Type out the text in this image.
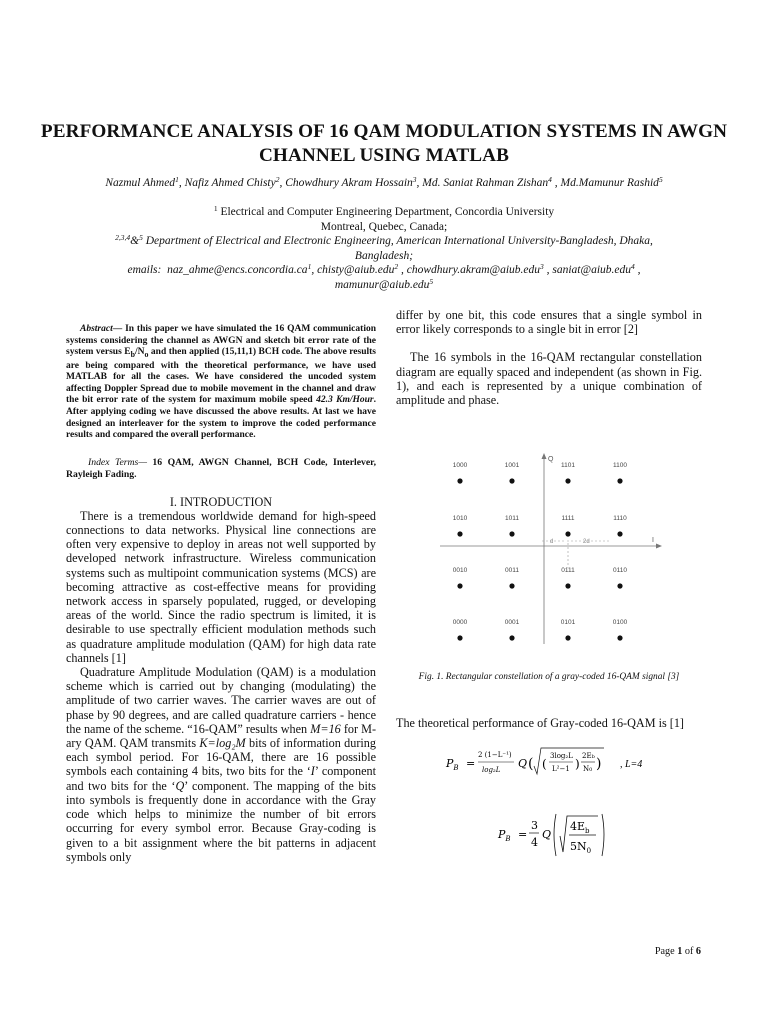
PERFORMANCE ANALYSIS OF 16 QAM MODULATION SYSTEMS IN AWGN
CHANNEL USING MATLAB
Nazmul Ahmed$^1$, Nafiz Ahmed Chisty$^2$, Chowdhury Akram Hossain$^3$, Md. Saniat Rahman Zishan$^4$ , Md.Mamunur Rashid$^5$
$^1$ Electrical and Computer Engineering Department, Concordia University
Montreal, Quebec, Canada;
$^{2,3,4}$&$^5$ Department of Electrical and Electronic Engineering, American International University-Bangladesh, Dhaka,
Bangladesh;
emails: $naz\_ahme@encs.concordia.ca^1$, chisty@aiub.edu$^2$ , chowdhury.akram@aiub.edu$^3$ , saniat@aiub.edu$^4$ ,
mamunur@aiub.edu$^5$
Abstract— In this paper we have simulated the 16 QAM communication systems considering the channel as AWGN and sketch bit error rate of the system versus $E_b/N_o$ and then applied (15,11,1) BCH code. The above results are being compared with the theoretical performance, we have used MATLAB for all the cases. We have considered the uncoded system affecting Doppler Spread due to mobile movement in the channel and draw the bit error rate of the system for maximum mobile speed 42.3 Km/Hour. After applying coding we have discussed the above results. At last we have designed an interleaver for the system to improve the coded performance results and compared the overall performance.
Index Terms— 16 QAM, AWGN Channel, BCH Code, Interlever, Rayleigh Fading.
I. INTRODUCTION

There is a tremendous worldwide demand for high-speed connections to data networks. Physical line connections are often very expensive to deploy in areas not well supported by developed network infrastructure. Wireless communication systems such as multipoint communication systems (MCS) are becoming attractive as cost-effective means for providing network access in sparsely populated, rugged, or developing areas of the world. Since the radio spectrum is limited, it is desirable to use spectrally efficient modulation methods such as quadrature amplitude modulation (QAM) for high data rate channels [1]

Quadrature Amplitude Modulation (QAM) is a modulation scheme which is carried out by changing (modulating) the amplitude of two carrier waves. The carrier waves are out of phase by 90 degrees, and are called quadrature carriers - hence the name of the scheme. “16-QAM” results when M=16 for M-ary QAM. QAM transmits K=log₂M bits of information during each symbol period. For 16-QAM, there are 16 possible symbols each containing 4 bits, two bits for the ‘I’ component and two bits for the ‘Q’ component. The mapping of the bits into symbols is frequently done in accordance with the Gray code which helps to minimize the number of bit errors occurring for every symbol error. Because Gray-coding is given to a bit assignment where the bit patterns in adjacent symbols only

differ by one bit, this code ensures that a single symbol in error likely corresponds to a single bit in error [2]

The 16 symbols in the 16-QAM rectangular constellation diagram are equally spaced and independent (as shown in Fig. 1), and each is represented by a unique combination of amplitude and phase.

Q
I
d	2d
1000	1001	1101	1100
1010	1011	1111	1110
0010	0011	0111	0110
0000	0001	0101	0100
Fig. 1. Rectangular constellation of a gray-coded 16-QAM signal [3]
The theoretical performance of Gray-coded 16-QAM is [1]
$P_B$ =
2 (1−L⁻¹)
log₂L Q ( (
3log₂L
L²−1 )
2Eb
N0 ) , L=4
$P_B$ =
3
4
Q
$4E_b$
$5N_0$
Page 1 of 6
